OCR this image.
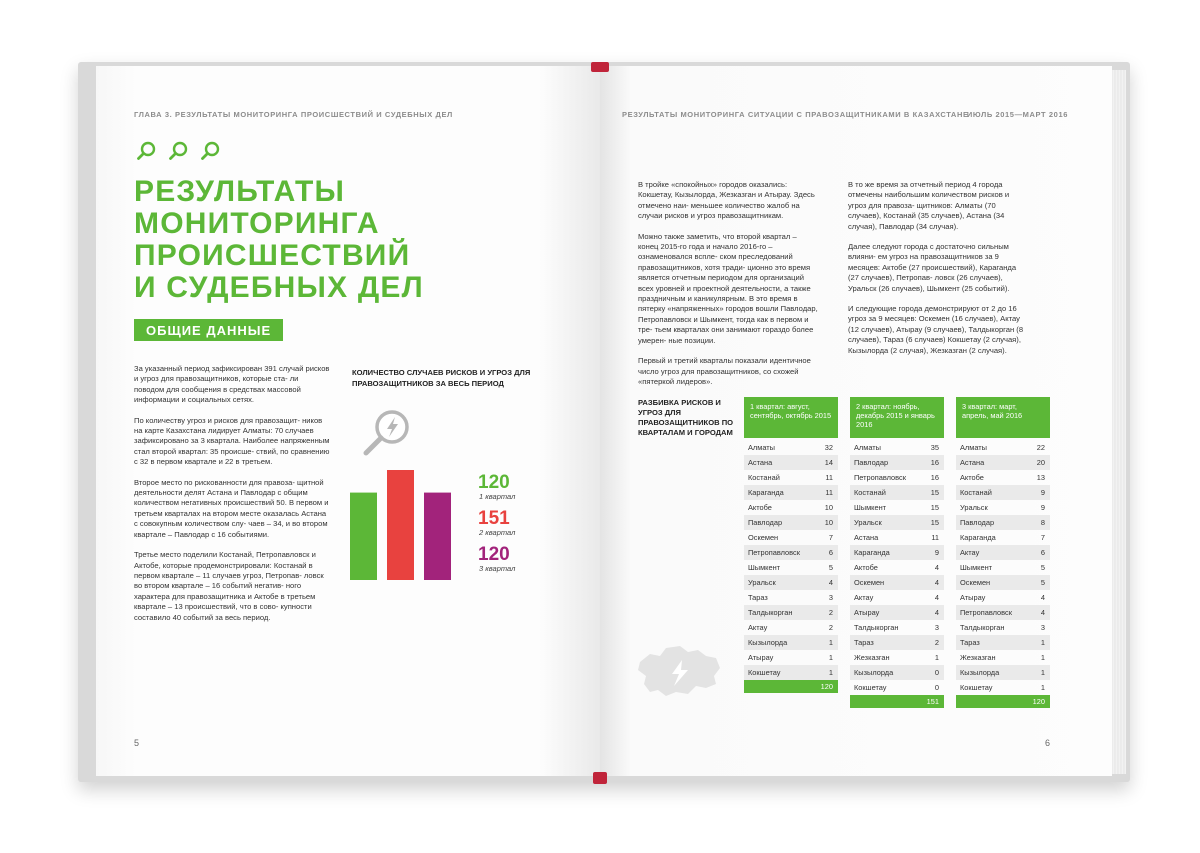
ГЛАВА 3. РЕЗУЛЬТАТЫ МОНИТОРИНГА ПРОИСШЕСТВИЙ И СУДЕБНЫХ ДЕЛ
РЕЗУЛЬТАТЫ
МОНИТОРИНГА
ПРОИСШЕСТВИЙ
И СУДЕБНЫХ ДЕЛ
ОБЩИЕ ДАННЫЕ

За указанный период зафиксирован 391 случай рисков и угроз для правозащитников, которые ста- ли поводом для сообщения в средствах массовой информации и социальных сетях.

По количеству угроз и рисков для правозащит- ников на карте Казахстана лидирует Алматы: 70 случаев зафиксировано за 3 квартала. Наиболее напряженным стал второй квартал: 35 происше- ствий, по сравнению с 32 в первом квартале и 22 в третьем.

Второе место по рискованности для правоза- щитной деятельности делят Астана и Павлодар с общим количеством негативных происшествий 50. В первом и третьем кварталах на втором месте оказалась Астана с совокупным количеством слу- чаев – 34, и во втором квартале – Павлодар с 16 событиями.

Третье место поделили Костанай, Петропавловск и Актобе, которые продемонстрировали: Костанай в первом квартале – 11 случаев угроз, Петропав- ловск во втором квартале – 16 событий негатив- ного характера для правозащитника и Актобе в третьем квартале – 13 происшествий, что в сово- купности составило 40 событий за весь период.

КОЛИЧЕСТВО СЛУЧАЕВ РИСКОВ И УГРОЗ ДЛЯ ПРАВОЗАЩИТНИКОВ ЗА ВЕСЬ ПЕРИОД
120
1 квартал
151
2 квартал
120
3 квартал
5
РЕЗУЛЬТАТЫ МОНИТОРИНГА СИТУАЦИИ С ПРАВОЗАЩИТНИКАМИ В КАЗАХСТАНЕ
ИЮЛЬ 2015—МАРТ 2016

В тройке «спокойных» городов оказались: Кокшетау, Кызылорда, Жезказган и Атырау. Здесь отмечено наи- меньшее количество жалоб на случаи рисков и угроз правозащитникам.

Можно также заметить, что второй квартал – конец 2015-го года и начало 2016-го – ознаменовался вспле- ском преследований правозащитников, хотя тради- ционно это время является отчетным периодом для организаций всех уровней и проектной деятельности, а также праздничным и каникулярным. В это время в пятерку «напряженных» городов вошли Павлодар, Петропавловск и Шымкент, тогда как в первом и тре- тьем кварталах они занимают гораздо более умерен- ные позиции.

Первый и третий кварталы показали идентичное число угроз для правозащитников, со схожей «пятеркой лидеров».

В то же время за отчетный период 4 города отмечены наибольшим количеством рисков и угроз для правоза- щитников: Алматы (70 случаев), Костанай (35 случаев), Астана (34 случая), Павлодар (34 случая).

Далее следуют города с достаточно сильным влияни- ем угроз на правозащитников за 9 месяцев: Актобе (27 происшествий), Караганда (27 случаев), Петропав- ловск (26 случаев), Уральск (26 случаев), Шымкент (25 событий).

И следующие города демонстрируют от 2 до 16 угроз за 9 месяцев: Оскемен (16 случаев), Актау (12 случаев), Атырау (9 случаев), Талдыкорган (8 случаев), Тараз (6 случаев) Кокшетау (2 случая), Кызылорда (2 случая), Жезказган (2 случая).

РАЗБИВКА РИСКОВ И УГРОЗ ДЛЯ ПРАВОЗАЩИТНИКОВ ПО КВАРТАЛАМ И ГОРОДАМ
1 квартал: август, сентябрь, октябрь 2015
Алматы	32
Астана	14
Костанай	11
Караганда	11
Актобе	10
Павлодар	10
Оскемен	7
Петропавловск	6
Шымкент	5
Уральск	4
Тараз	3
Талдыкорган	2
Актау	2
Кызылорда	1
Атырау	1
Кокшетау	1
120
2 квартал: ноябрь, декабрь 2015 и январь 2016
Алматы	35
Павлодар	16
Петропавловск	16
Костанай	15
Шымкент	15
Уральск	15
Астана	11
Караганда	9
Актобе	4
Оскемен	4
Актау	4
Атырау	4
Талдыкорган	3
Тараз	2
Жезказган	1
Кызылорда	0
Кокшетау	0
151
3 квартал: март, апрель, май 2016
Алматы	22
Астана	20
Актобе	13
Костанай	9
Уральск	9
Павлодар	8
Караганда	7
Актау	6
Шымкент	5
Оскемен	5
Атырау	4
Петропавловск	4
Талдыкорган	3
Тараз	1
Жезказган	1
Кызылорда	1
Кокшетау	1
120
6
